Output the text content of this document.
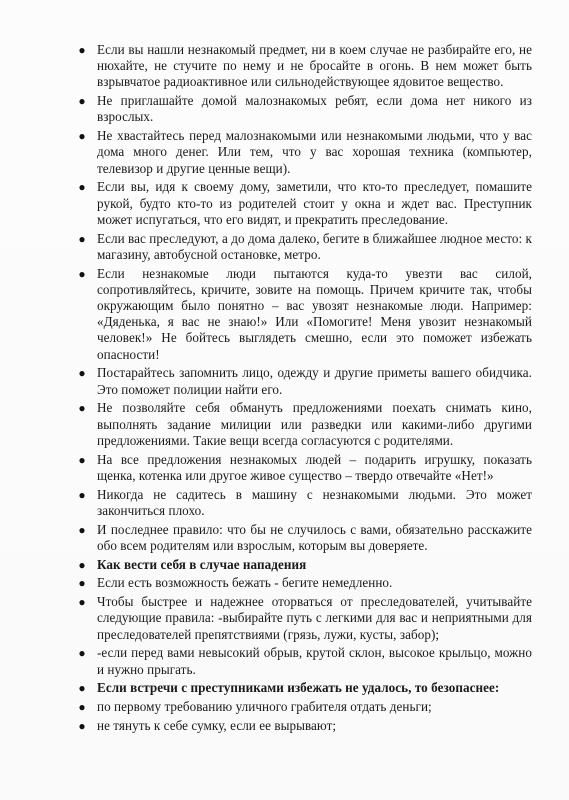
● Если вы нашли незнакомый предмет, ни в коем случае не разбирайте его, не нюхайте, не стучите по нему и не бросайте в огонь. В нем может быть взрывчатое радиоактивное или сильнодействующее ядовитое вещество.
● Не приглашайте домой малознакомых ребят, если дома нет никого из взрослых.
● Не хвастайтесь перед малознакомыми или незнакомыми людьми, что у вас дома много денег. Или тем, что у вас хорошая техника (компьютер, телевизор и другие ценные вещи).
● Если вы, идя к своему дому, заметили, что кто-то преследует, помашите рукой, будто кто-то из родителей стоит у окна и ждет вас. Преступник может испугаться, что его видят, и прекратить преследование.
● Если вас преследуют, а до дома далеко, бегите в ближайшее людное место: к магазину, автобусной остановке, метро.
● Если незнакомые люди пытаются куда-то увезти вас силой, сопротивляйтесь, кричите, зовите на помощь. Причем кричите так, чтобы окружающим было понятно – вас увозят незнакомые люди. Например: «Дяденька, я вас не знаю!» Или «Помогите! Меня увозит незнакомый человек!» Не бойтесь выглядеть смешно, если это поможет избежать опасности!
● Постарайтесь запомнить лицо, одежду и другие приметы вашего обидчика. Это поможет полиции найти его.
● Не позволяйте себя обмануть предложениями поехать снимать кино, выполнять задание милиции или разведки или какими-либо другими предложениями. Такие вещи всегда согласуются с родителями.
● На все предложения незнакомых людей – подарить игрушку, показать щенка, котенка или другое живое существо – твердо отвечайте «Нет!»
● Никогда не садитесь в машину с незнакомыми людьми. Это может закончиться плохо.
● И последнее правило: что бы не случилось с вами, обязательно расскажите обо всем родителям или взрослым, которым вы доверяете.
● Как вести себя в случае нападения
● Если есть возможность бежать - бегите немедленно.
● Чтобы быстрее и надежнее оторваться от преследователей, учитывайте следующие правила: -выбирайте путь с легкими для вас и неприятными для преследователей препятствиями (грязь, лужи, кусты, забор);
● -если перед вами невысокий обрыв, крутой склон, высокое крыльцо, можно и нужно прыгать.
● Если встречи с преступниками избежать не удалось, то безопаснее:
● по первому требованию уличного грабителя отдать деньги;
● не тянуть к себе сумку, если ее вырывают;
